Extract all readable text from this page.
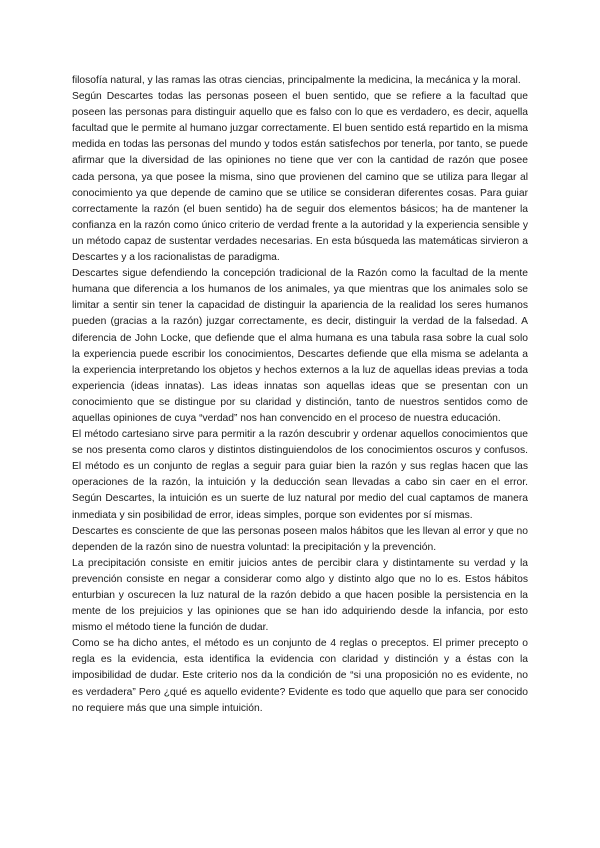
filosofía natural, y las ramas las otras ciencias, principalmente la medicina, la mecánica y la moral.

Según Descartes todas las personas poseen el buen sentido, que se refiere a la facultad que poseen las personas para distinguir aquello que es falso con lo que es verdadero, es decir, aquella facultad que le permite al humano juzgar correctamente. El buen sentido está repartido en la misma medida en todas las personas del mundo y todos están satisfechos por tenerla, por tanto, se puede afirmar que la diversidad de las opiniones no tiene que ver con la cantidad de razón que posee cada persona, ya que posee la misma, sino que provienen del camino que se utiliza para llegar al conocimiento ya que depende de camino que se utilice se consideran diferentes cosas. Para guiar correctamente la razón (el buen sentido) ha de seguir dos elementos básicos; ha de mantener la confianza en la razón como único criterio de verdad frente a la autoridad y la experiencia sensible y un método capaz de sustentar verdades necesarias. En esta búsqueda las matemáticas sirvieron a Descartes y a los racionalistas de paradigma.

Descartes sigue defendiendo la concepción tradicional de la Razón como la facultad de la mente humana que diferencia a los humanos de los animales, ya que mientras que los animales solo se limitar a sentir sin tener la capacidad de distinguir la apariencia de la realidad los seres humanos pueden (gracias a la razón) juzgar correctamente, es decir, distinguir la verdad de la falsedad. A diferencia de John Locke, que defiende que el alma humana es una tabula rasa sobre la cual solo la experiencia puede escribir los conocimientos, Descartes defiende que ella misma se adelanta a la experiencia interpretando los objetos y hechos externos a la luz de aquellas ideas previas a toda experiencia (ideas innatas). Las ideas innatas son aquellas ideas que se presentan con un conocimiento que se distingue por su claridad y distinción, tanto de nuestros sentidos como de aquellas opiniones de cuya “verdad” nos han convencido en el proceso de nuestra educación.

El método cartesiano sirve para permitir a la razón descubrir y ordenar aquellos conocimientos que se nos presenta como claros y distintos distinguiendolos de los conocimientos oscuros y confusos. El método es un conjunto de reglas a seguir para guiar bien la razón y sus reglas hacen que las operaciones de la razón, la intuición y la deducción sean llevadas a cabo sin caer en el error. Según Descartes, la intuición es un suerte de luz natural por medio del cual captamos de manera inmediata y sin posibilidad de error, ideas simples, porque son evidentes por sí mismas.

Descartes es consciente de que las personas poseen malos hábitos que les llevan al error y que no dependen de la razón sino de nuestra voluntad: la precipitación y la prevención.

La precipitación consiste en emitir juicios antes de percibir clara y distintamente su verdad y la prevención consiste en negar a considerar como algo y distinto algo que no lo es. Estos hábitos enturbian y oscurecen la luz natural de la razón debido a que hacen posible la persistencia en la mente de los prejuicios y las opiniones que se han ido adquiriendo desde la infancia, por esto mismo el método tiene la función de dudar.

Como se ha dicho antes, el método es un conjunto de 4 reglas o preceptos. El primer precepto o regla es la evidencia, esta identifica la evidencia con claridad y distinción y a éstas con la imposibilidad de dudar. Este criterio nos da la condición de “si una proposición no es evidente, no es verdadera” Pero ¿qué es aquello evidente? Evidente es todo que aquello que para ser conocido no requiere más que una simple intuición.
